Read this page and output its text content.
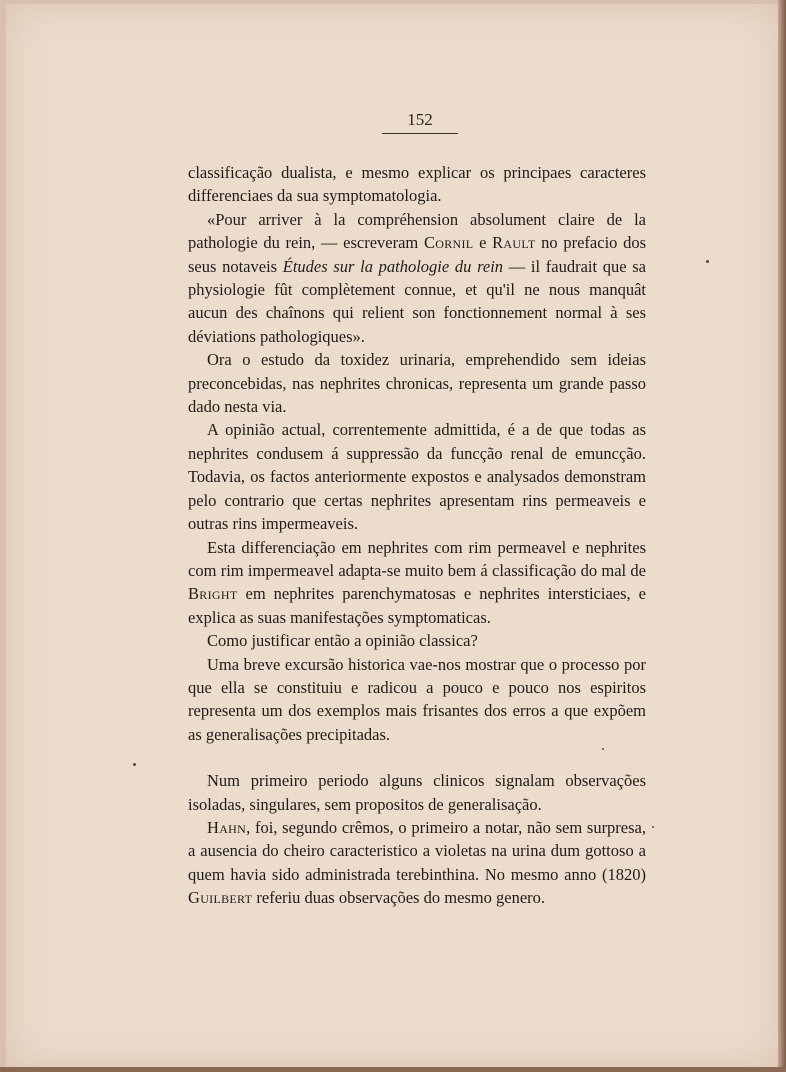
152

classificação dualista, e mesmo explicar os principaes caracteres differenciaes da sua symptomatologia.

«Pour arriver à la compréhension absolument claire de la pathologie du rein, — escreveram Cornil e Rault no prefacio dos seus notaveis Études sur la pathologie du rein — il faudrait que sa physiologie fût complètement connue, et qu'il ne nous manquât aucun des chaînons qui relient son fonctionnement normal à ses déviations pathologiques».

Ora o estudo da toxidez urinaria, emprehendido sem ideias preconcebidas, nas nephrites chronicas, representa um grande passo dado nesta via.

A opinião actual, correntemente admittida, é a de que todas as nephrites condusem á suppressão da funcção renal de emuncção. Todavia, os factos anteriormente expostos e analysados demonstram pelo contrario que certas nephrites apresentam rins permeaveis e outras rins impermeaveis.

Esta differenciação em nephrites com rim permeavel e nephrites com rim impermeavel adapta-se muito bem á classificação do mal de Bright em nephrites parenchymatosas e nephrites intersticiaes, e explica as suas manifestações symptomaticas.

Como justificar então a opinião classica?

Uma breve excursão historica vae-nos mostrar que o processo por que ella se constituiu e radicou a pouco e pouco nos espiritos representa um dos exemplos mais frisantes dos erros a que expõem as generalisações precipitadas.

Num primeiro periodo alguns clinicos signalam observações isoladas, singulares, sem propositos de generalisação.

Hahn, foi, segundo crêmos, o primeiro a notar, não sem surpresa, a ausencia do cheiro caracteristico a violetas na urina dum gottoso a quem havia sido administrada terebinthina. No mesmo anno (1820) Guilbert referiu duas observações do mesmo genero.
